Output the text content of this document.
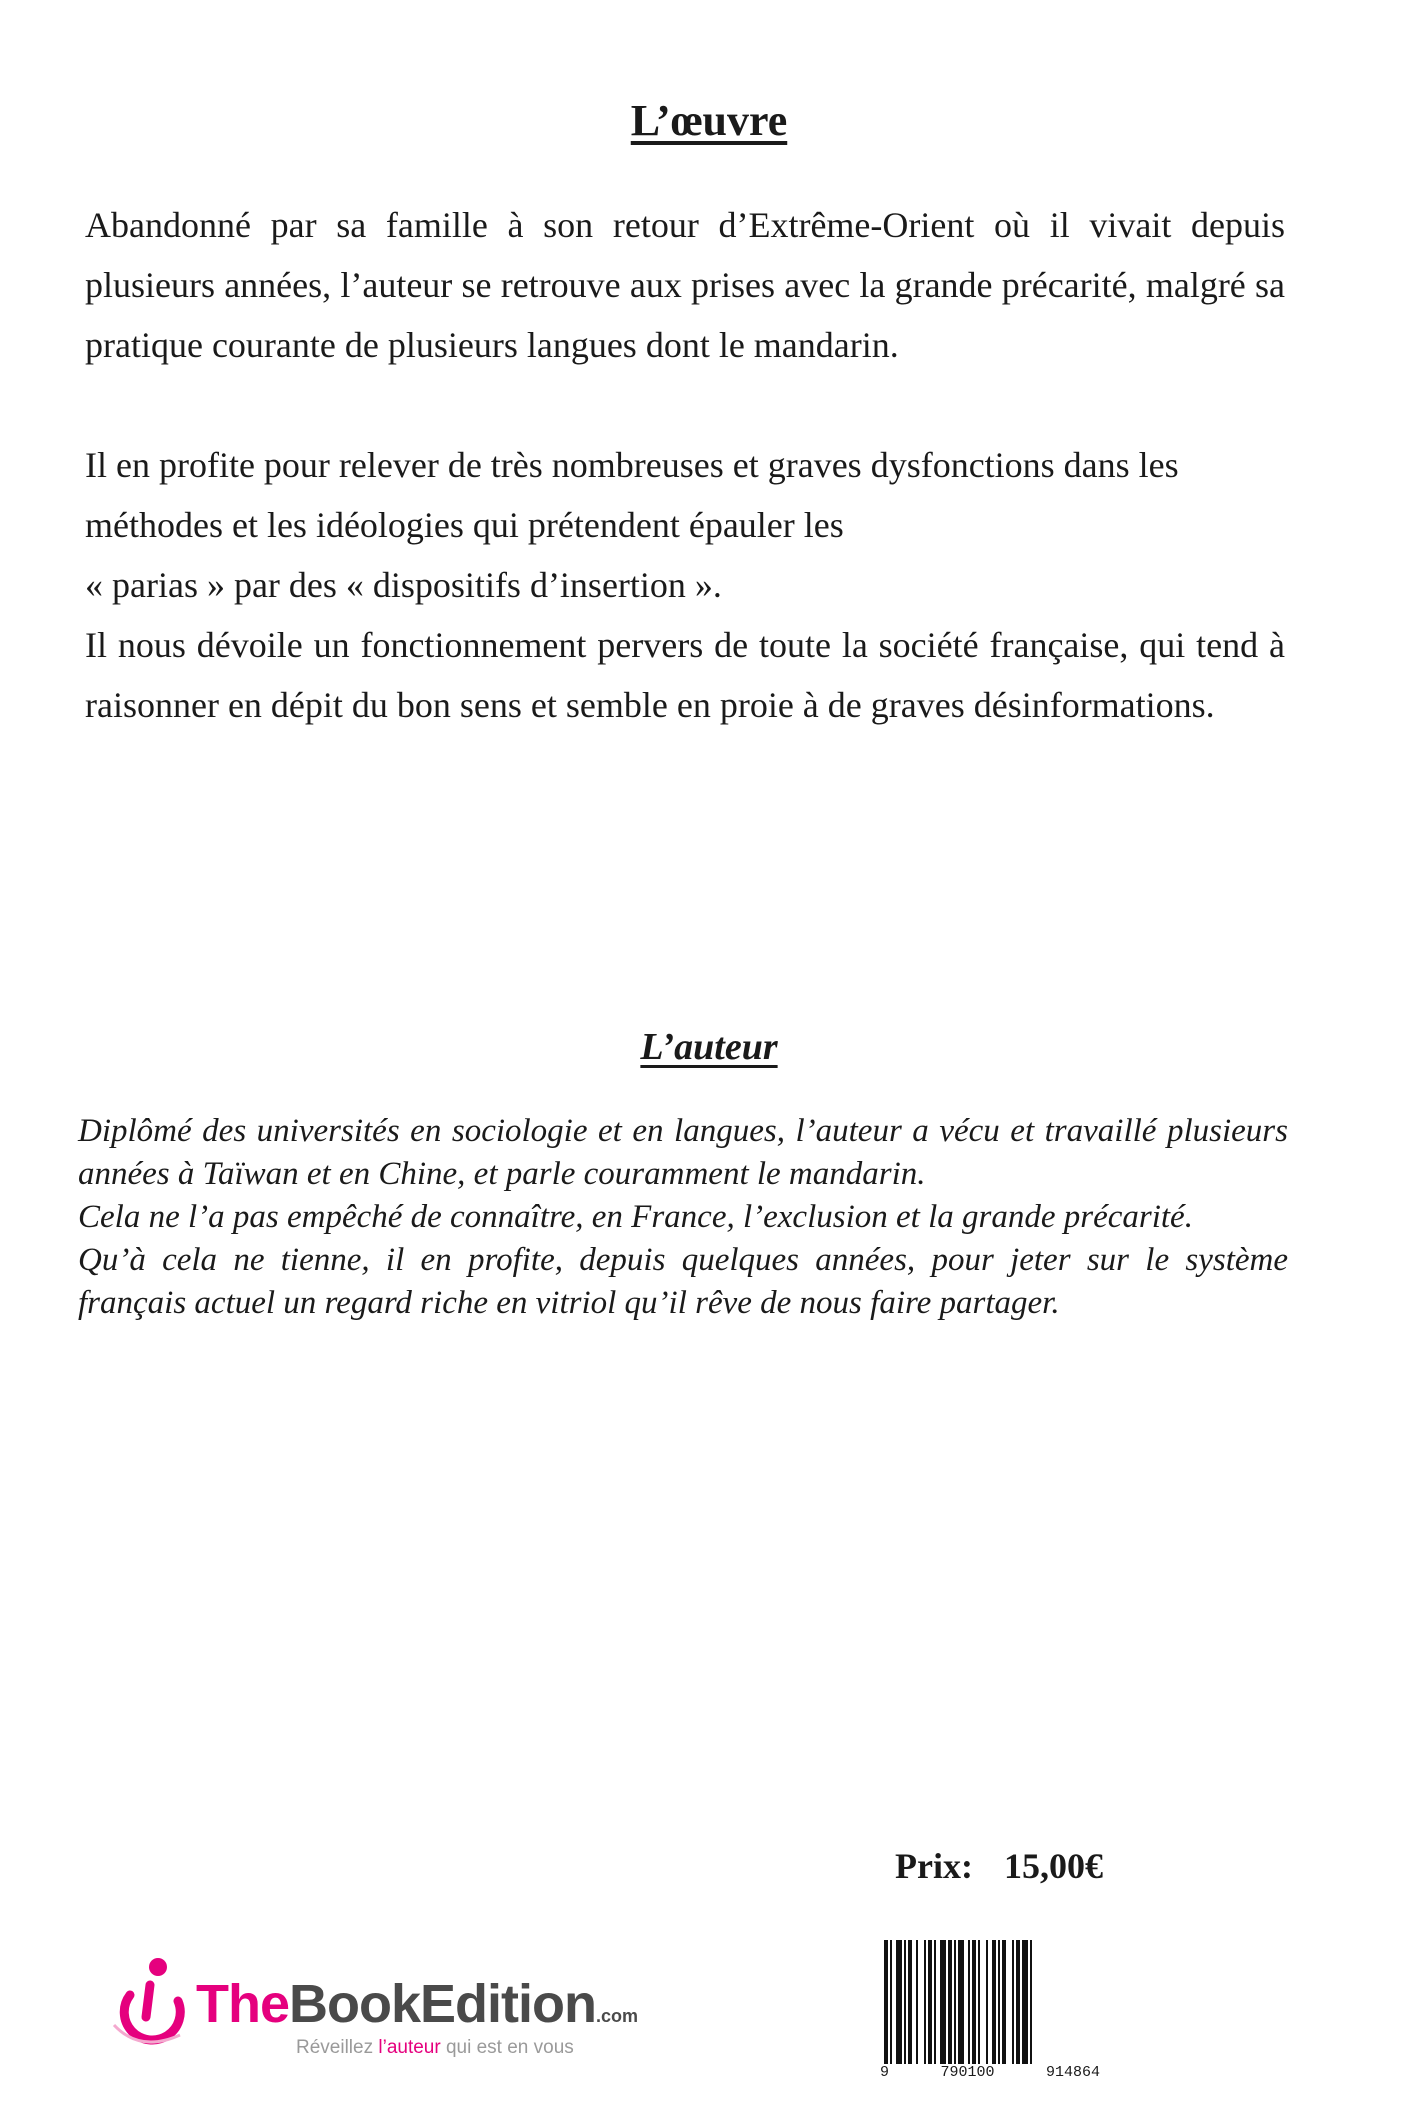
L’œuvre

Abandonné par sa famille à son retour d’Extrême-Orient où il vivait depuis plusieurs années, l’auteur se retrouve aux prises avec la grande précarité, malgré sa pratique courante de plusieurs langues dont le mandarin.

Il en profite pour relever de très nombreuses et graves dysfonctions dans les méthodes et les idéologies qui prétendent épauler les

« parias » par des « dispositifs d’insertion ».

Il nous dévoile un fonctionnement pervers de toute la société française, qui tend à raisonner en dépit du bon sens et semble en proie à de graves désinformations.

L’auteur

Diplômé des universités en sociologie et en langues, l’auteur a vécu et travaillé plusieurs années à Taïwan et en Chine, et parle couramment le mandarin.

Cela ne l’a pas empêché de connaître, en France, l’exclusion et la grande précarité.

Qu’à cela ne tienne, il en profite, depuis quelques années, pour jeter sur le système français actuel un regard riche en vitriol qu’il rêve de nous faire partager.

Prix: 15,00€
TheBookEdition.com
Réveillez l’auteur qui est en vous
9	790100	914864
